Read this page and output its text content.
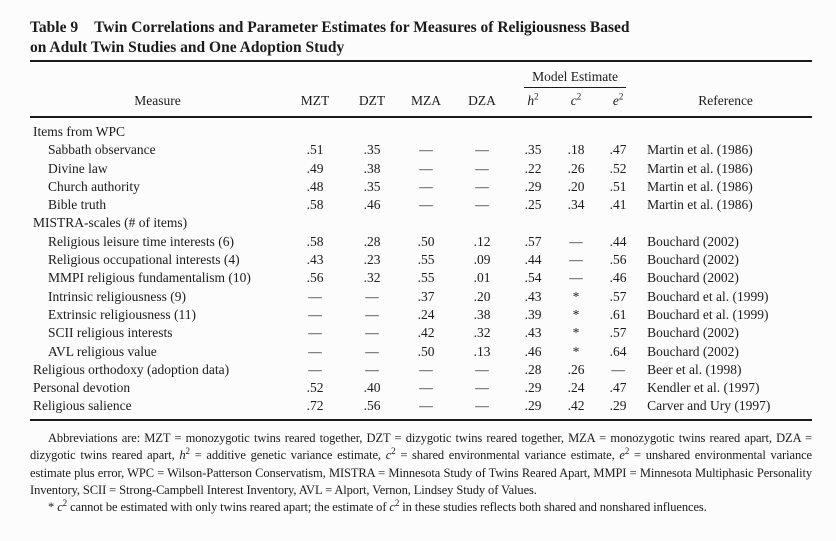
Table 9 Twin Correlations and Parameter Estimates for Measures of Religiousness Based
on Adult Twin Studies and One Adoption Study

					Model Estimate			
Measure	MZT	DZT	MZA	DZA	$h^2$	$c^2$	$e^2$	Reference
Items from WPC								
Sabbath observance	.51	.35	—	—	.35	.18	.47	Martin et al. (1986)
Divine law	.49	.38	—	—	.22	.26	.52	Martin et al. (1986)
Church authority	.48	.35	—	—	.29	.20	.51	Martin et al. (1986)
Bible truth	.58	.46	—	—	.25	.34	.41	Martin et al. (1986)
MISTRA-scales (# of items)								
Religious leisure time interests (6)	.58	.28	.50	.12	.57	—	.44	Bouchard (2002)
Religious occupational interests (4)	.43	.23	.55	.09	.44	—	.56	Bouchard (2002)
MMPI religious fundamentalism (10)	.56	.32	.55	.01	.54	—	.46	Bouchard (2002)
Intrinsic religiousness (9)	—	—	.37	.20	.43	*	.57	Bouchard et al. (1999)
Extrinsic religiousness (11)	—	—	.24	.38	.39	*	.61	Bouchard et al. (1999)
SCII religious interests	—	—	.42	.32	.43	*	.57	Bouchard (2002)
AVL religious value	—	—	.50	.13	.46	*	.64	Bouchard (2002)
Religious orthodoxy (adoption data)	—	—	—	—	.28	.26	—	Beer et al. (1998)
Personal devotion	.52	.40	—	—	.29	.24	.47	Kendler et al. (1997)
Religious salience	.72	.56	—	—	.29	.42	.29	Carver and Ury (1997)

Abbreviations are: MZT = monozygotic twins reared together, DZT = dizygotic twins reared together, MZA = monozygotic twins reared apart, DZA = dizygotic twins reared apart, $h^2$ = additive genetic variance estimate, $c^2$ = shared environmental variance estimate, $e^2$ = unshared environmental variance estimate plus error, WPC = Wilson-Patterson Conservatism, MISTRA = Minnesota Study of Twins Reared Apart, MMPI = Minnesota Multiphasic Personality Inventory, SCII = Strong-Campbell Interest Inventory, AVL = Alport, Vernon, Lindsey Study of Values.

* $c^2$ cannot be estimated with only twins reared apart; the estimate of $c^2$ in these studies reflects both shared and nonshared influences.
